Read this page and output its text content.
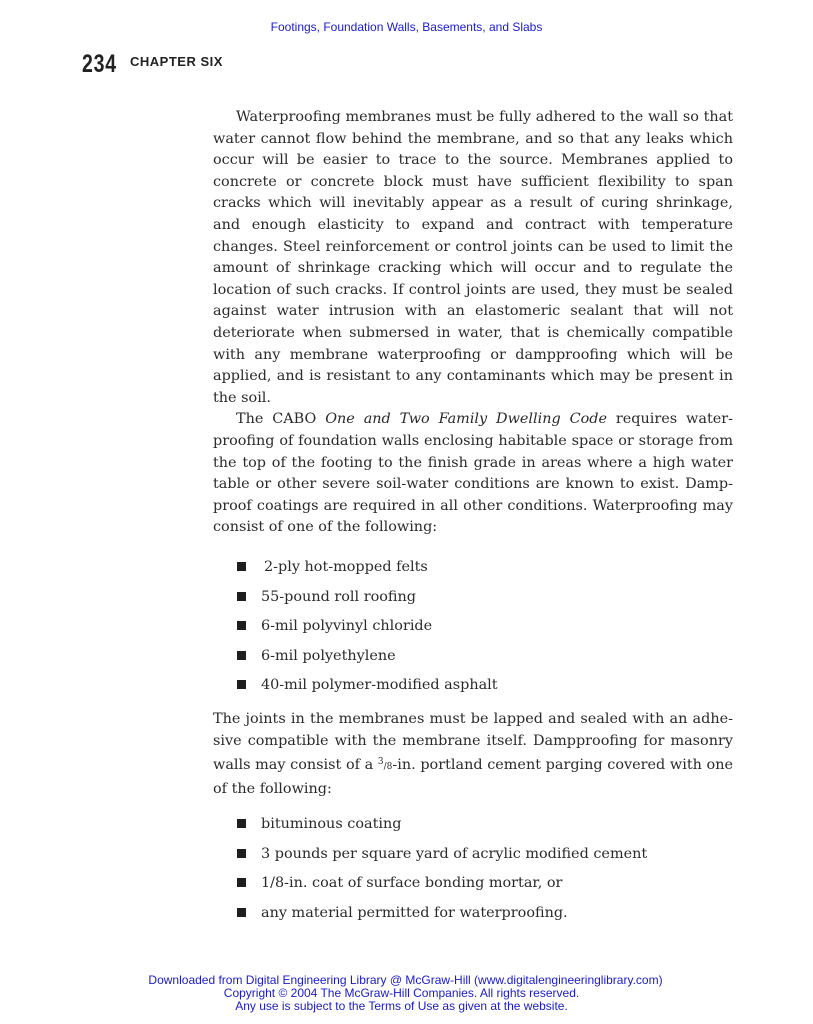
Footings, Foundation Walls, Basements, and Slabs
234 CHAPTER SIX

Waterproofing membranes must be fully adhered to the wall so that water cannot flow behind the membrane, and so that any leaks which occur will be easier to trace to the source. Membranes applied to concrete or concrete block must have sufficient flexibility to span cracks which will inevitably appear as a result of curing shrinkage, and enough elasticity to expand and contract with temperature changes. Steel reinforcement or control joints can be used to limit the amount of shrinkage cracking which will occur and to regulate the location of such cracks. If control joints are used, they must be sealed against water intrusion with an elastomeric sealant that will not deteriorate when submersed in water, that is chemically compatible with any membrane waterproofing or dampproofing which will be applied, and is resistant to any contaminants which may be present in the soil.

The CABO One and Two Family Dwelling Code requires water-proofing of foundation walls enclosing habitable space or storage from the top of the footing to the finish grade in areas where a high water table or other severe soil-water conditions are known to exist. Damp-proof coatings are required in all other conditions. Waterproofing may consist of one of the following:

2-ply hot-mopped felts
55-pound roll roofing
6-mil polyvinyl chloride
6-mil polyethylene
40-mil polymer-modified asphalt

The joints in the membranes must be lapped and sealed with an adhe-sive compatible with the membrane itself. Dampproofing for masonry walls may consist of a $^3$/8-in. portland cement parging covered with one of the following:

bituminous coating
3 pounds per square yard of acrylic modified cement
1/8-in. coat of surface bonding mortar, or
any material permitted for waterproofing.
Downloaded from Digital Engineering Library @ McGraw-Hill (www.digitalengineeringlibrary.com)
Copyright © 2004 The McGraw-Hill Companies. All rights reserved.
Any use is subject to the Terms of Use as given at the website.
